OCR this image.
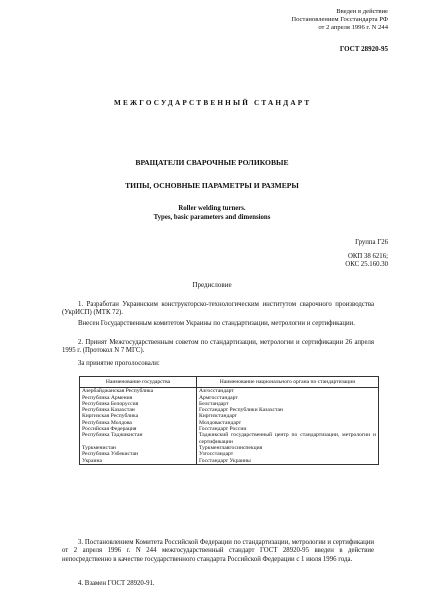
Введен в действие
Постановлением Госстандарта РФ
от 2 апреля 1996 г. N 244
ГОСТ 28920-95
МЕЖГОСУДАРСТВЕННЫЙ СТАНДАРТ
ВРАЩАТЕЛИ СВАРОЧНЫЕ РОЛИКОВЫЕ
ТИПЫ, ОСНОВНЫЕ ПАРАМЕТРЫ И РАЗМЕРЫ
Roller welding turners.
Types, basic parameters and dimensions
Группа Г26
ОКП 38 6216;
ОКС 25.160.30
Предисловие
1. Разработан Украинским конструкторско-технологическим институтом сварочного производства (УкрИСП) (МТК 72).
Внесен Государственным комитетом Украины по стандартизации, метрологии и сертификации.
2. Принят Межгосударственным советом по стандартизации, метрологии и сертификации 26 апреля 1995 г. (Протокол N 7 МГС).
За принятие проголосовали:
Наименование государства	Наименование национального органа по стандартизации
Азербайджанская Республика	Азгосстандарт
Республика Армения	Армгосстандарт
Республика Белоруссия	Белстандарт
Республика Казахстан	Госстандарт Республики Казахстан
Киргизская Республика	Киргизстандарт
Республика Молдова	Молдовастандарт
Российская Федерация	Госстандарт России
Республика Таджикистан	Таджикский государственный центр по стандартизации, метрологии и сертификации
Туркменистан	Туркменглавгосинспекция
Республика Узбекистан	Узгосстандарт
Украина	Госстандарт Украины
3. Постановлением Комитета Российской Федерации по стандартизации, метрологии и сертификации от 2 апреля 1996 г. N 244 межгосударственный стандарт ГОСТ 28920-95 введен в действие непосредственно в качестве государственного стандарта Российской Федерации с 1 июля 1996 года.
4. Взамен ГОСТ 28920-91.
